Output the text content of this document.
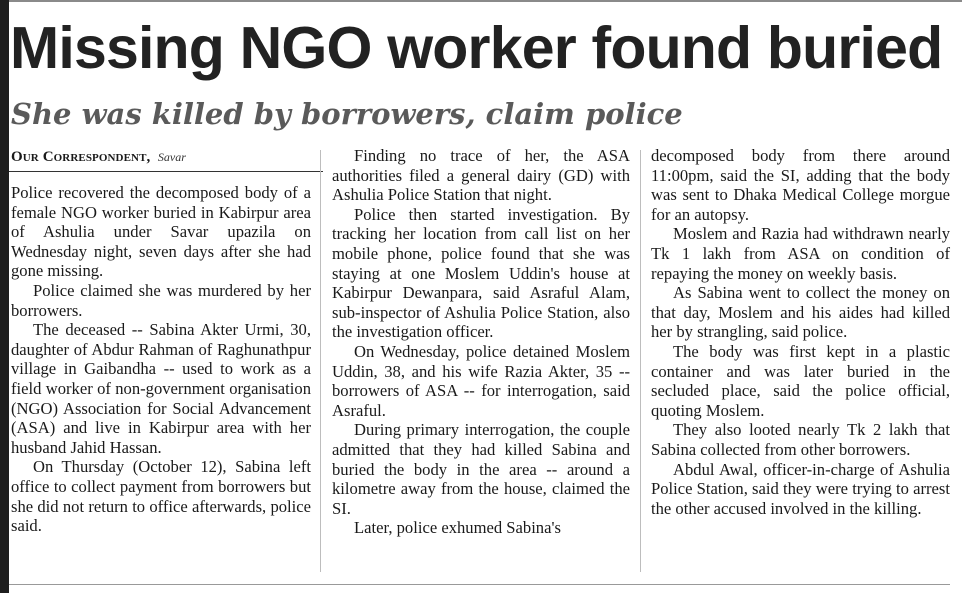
Missing NGO worker found buried
She was killed by borrowers, claim police
Our Correspondent, Savar

Police recovered the decomposed body of a female NGO worker buried in Kabirpur area of Ashulia under Savar upazila on Wednesday night, seven days after she had gone missing.

Police claimed she was murdered by her borrowers.

The deceased -- Sabina Akter Urmi, 30, daughter of Abdur Rahman of Raghunathpur village in Gaibandha -- used to work as a field worker of non-government organisation (NGO) Association for Social Advancement (ASA) and live in Kabirpur area with her husband Jahid Hassan.

On Thursday (October 12), Sabina left office to collect payment from borrowers but she did not return to office afterwards, police said.

Finding no trace of her, the ASA authorities filed a general dairy (GD) with Ashulia Police Station that night.

Police then started investigation. By tracking her location from call list on her mobile phone, police found that she was staying at one Moslem Uddin's house at Kabirpur Dewanpara, said Asraful Alam, sub-inspector of Ashulia Police Station, also the investigation officer.

On Wednesday, police detained Moslem Uddin, 38, and his wife Razia Akter, 35 -- borrowers of ASA -- for interrogation, said Asraful.

During primary interrogation, the couple admitted that they had killed Sabina and buried the body in the area -- around a kilometre away from the house, claimed the SI.

Later, police exhumed Sabina's

decomposed body from there around 11:00pm, said the SI, adding that the body was sent to Dhaka Medical College morgue for an autopsy.

Moslem and Razia had withdrawn nearly Tk 1 lakh from ASA on condition of repaying the money on weekly basis.

As Sabina went to collect the money on that day, Moslem and his aides had killed her by strangling, said police.

The body was first kept in a plastic container and was later buried in the secluded place, said the police official, quoting Moslem.

They also looted nearly Tk 2 lakh that Sabina collected from other borrowers.

Abdul Awal, officer-in-charge of Ashulia Police Station, said they were trying to arrest the other accused involved in the killing.
